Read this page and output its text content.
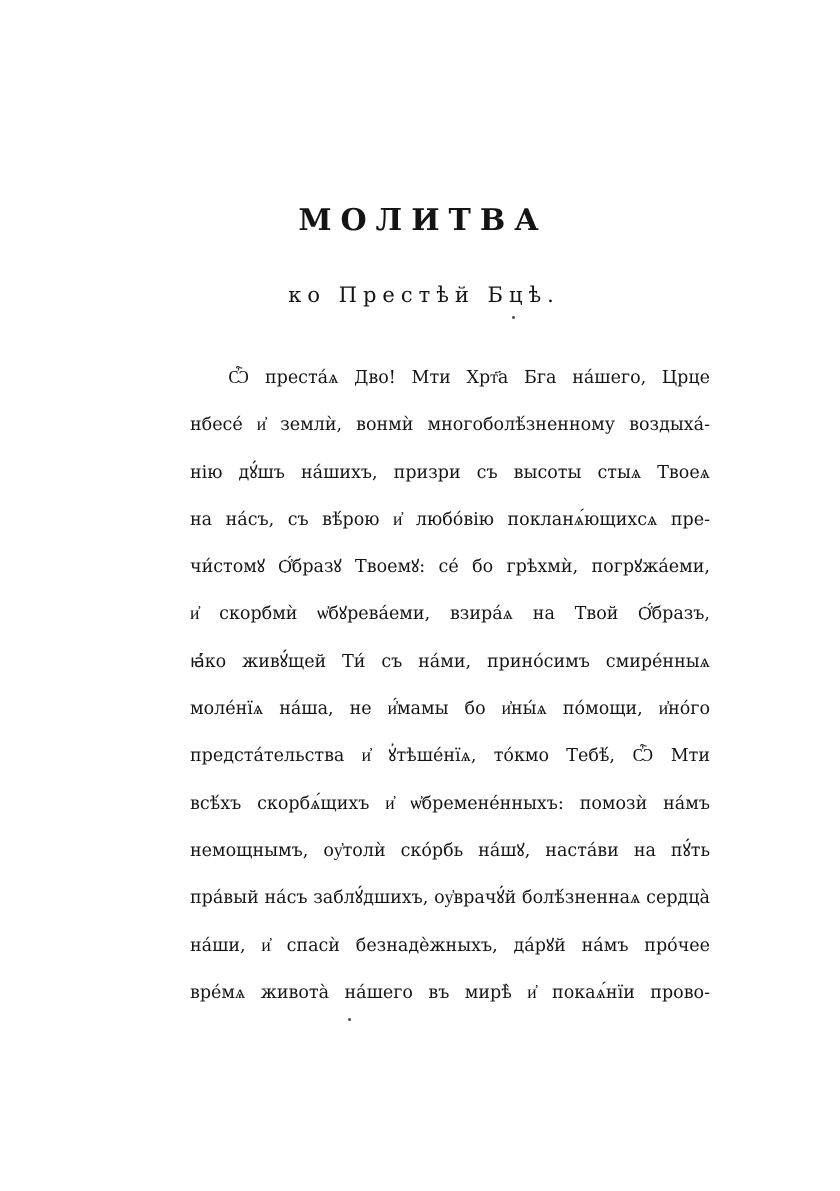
МОЛИТВА
ко Престѣй Бцѣ.
Ѽ преста́ѧ Дво! Мти Хрт҃а Бга на́шего, Црце
нбесе́ и҆ землѝ, вонмѝ многоболѣ́зненному воздыха́-
нію дꙋ́шъ на́шихъ, призри съ высоты стыѧ Твоеѧ
на на́съ, съ вѣ́рою и҆ любо́вію покланѧ́ющихсѧ пре-
чи́стомꙋ Ѻ҆́бразꙋ Твоемꙋ: се́ бо грѣхмѝ, погрꙋжа́еми,
и҆ скорбмѝ ѡ҆бꙋрева́еми, взира́ѧ на Твой Ѻ҆́бразъ,
ꙗ҆́ко живꙋ́щей Ти́ съ на́ми, прино́симъ смире́нныѧ
моле́нїѧ на́ша, не и҆́мамы бо и҆ны́ѧ по́мощи, и҆но́го
предста́тельства и҆ ꙋ҆тѣше́нїѧ, то́кмо Тебѣ́, Ѽ Мти
всѣ́хъ скорбѧ́щихъ и҆ ѡ҆бремене́нныхъ: помозѝ на́мъ
немощнымъ, оу҆толѝ ско́рбь на́шꙋ, наста́ви на пꙋ́ть
пра́вый на́съ заблꙋ́дшихъ, оу҆врачꙋ́й болѣ́зненнаѧ сердца̀
на́ши, и҆ спасѝ безнадѐжныхъ, да́рꙋй на́мъ про́чее
вре́мѧ живота̀ на́шего въ мирѣ̀ и҆ покаѧ́нїи прово-
